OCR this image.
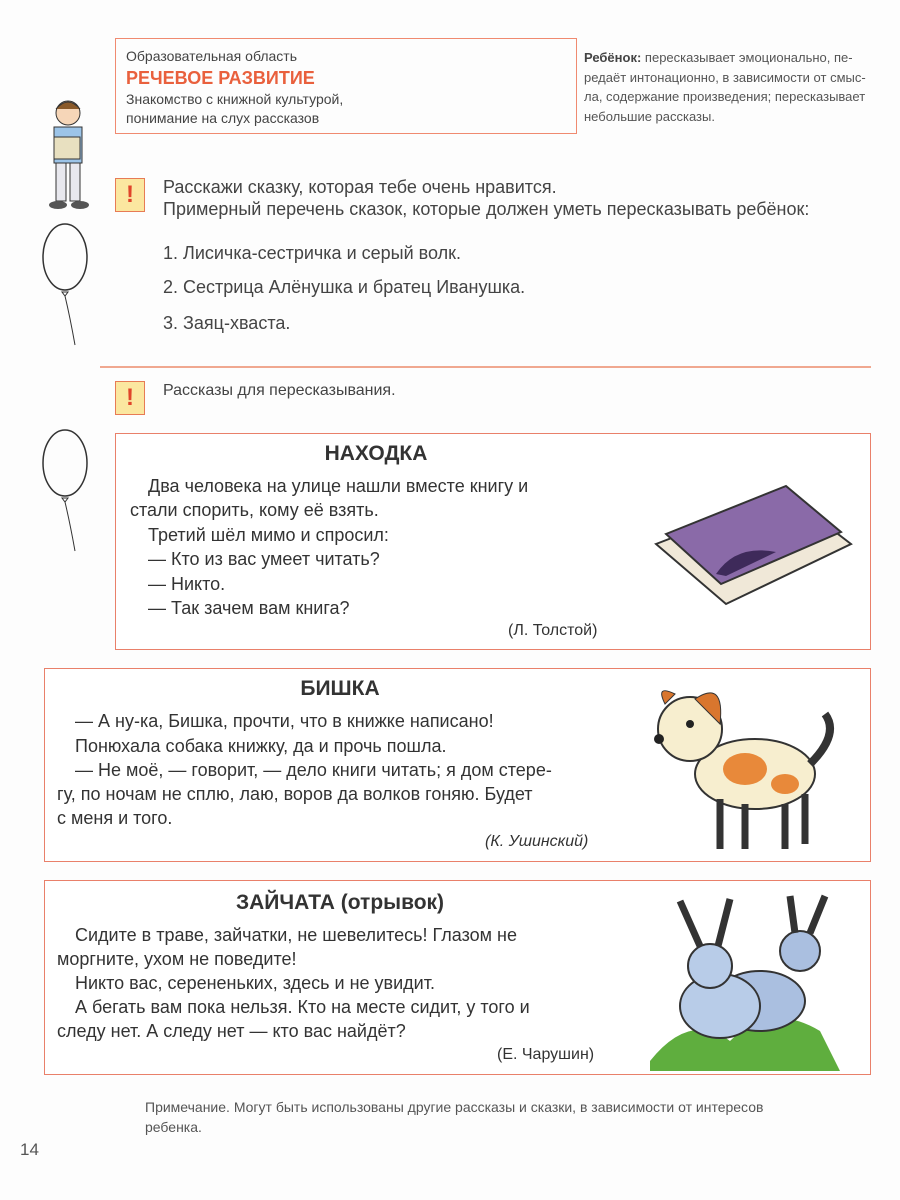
Образовательная область
РЕЧЕВОЕ РАЗВИТИЕ
Знакомство с книжной культурой,
понимание на слух рассказов
Ребёнок: пересказывает эмоционально, пе-
редаёт интонационно, в зависимости от смыс-
ла, содержание произведения; пересказывает
небольшие рассказы.
!	Расскажи сказку, которая тебе очень нравится.
Примерный перечень сказок, которые должен уметь пересказывать ребёнок:
1. Лисичка-сестричка и серый волк.
2. Сестрица Алёнушка и братец Иванушка.
3. Заяц-хваста.
!	Рассказы для пересказывания.
НАХОДКА
Два человека на улице нашли вместе книгу и
стали спорить, кому её взять.
Третий шёл мимо и спросил:
— Кто из вас умеет читать?
— Никто.
— Так зачем вам книга?
(Л. Толстой)
БИШКА
— А ну-ка, Бишка, прочти, что в книжке написано!
Понюхала собака книжку, да и прочь пошла.
— Не моё, — говорит, — дело книги читать; я дом стере-
гу, по ночам не сплю, лаю, воров да волков гоняю. Будет
с меня и того.
(К. Ушинский)
ЗАЙЧАТА (отрывок)
Сидите в траве, зайчатки, не шевелитесь! Глазом не
моргните, ухом не поведите!
Никто вас, серененьких, здесь и не увидит.
А бегать вам пока нельзя. Кто на месте сидит, у того и
следу нет. А следу нет — кто вас найдёт?
(Е. Чарушин)
Примечание. Могут быть использованы другие рассказы и сказки, в зависимости от интересов
ребенка.
14
